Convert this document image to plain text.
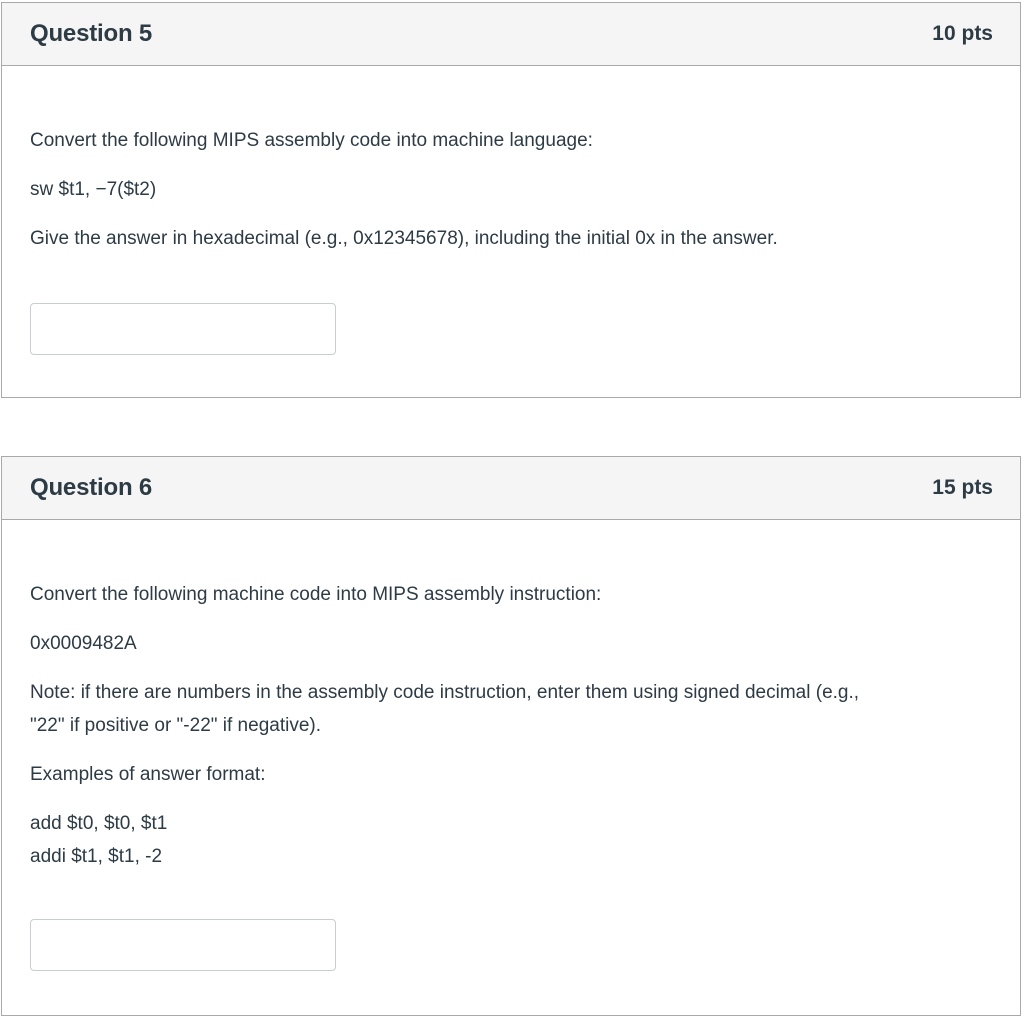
Question 5	10 pts

Convert the following MIPS assembly code into machine language:

sw $t1, −7($t2)

Give the answer in hexadecimal (e.g., 0x12345678), including the initial 0x in the answer.

Question 6	15 pts

Convert the following machine code into MIPS assembly instruction:

0x0009482A

Note: if there are numbers in the assembly code instruction, enter them using signed decimal (e.g.,

"22" if positive or "-22" if negative).

Examples of answer format:

add $t0, $t0, $t1

addi $t1, $t1, -2
